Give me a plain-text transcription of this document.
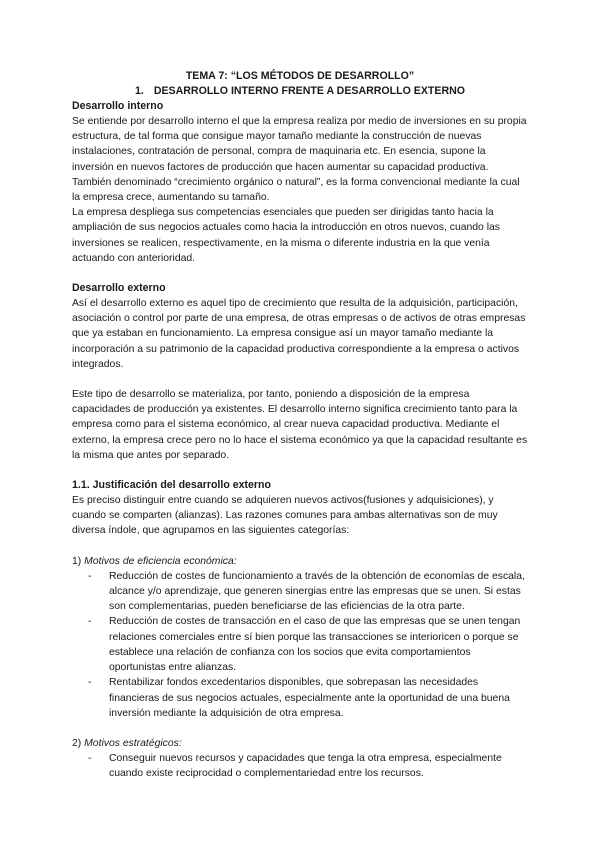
TEMA 7: “LOS MÉTODOS DE DESARROLLO”

1. DESARROLLO INTERNO FRENTE A DESARROLLO EXTERNO

Desarrollo interno

Se entiende por desarrollo interno el que la empresa realiza por medio de inversiones en su propia estructura, de tal forma que consigue mayor tamaño mediante la construcción de nuevas instalaciones, contratación de personal, compra de maquinaria etc. En esencia, supone la inversión en nuevos factores de producción que hacen aumentar su capacidad productiva. También denominado “crecimiento orgánico o natural”, es la forma convencional mediante la cual la empresa crece, aumentando su tamaño.

La empresa despliega sus competencias esenciales que pueden ser dirigidas tanto hacia la ampliación de sus negocios actuales como hacia la introducción en otros nuevos, cuando las inversiones se realicen, respectivamente, en la misma o diferente industria en la que venía actuando con anterioridad.

Desarrollo externo

Así el desarrollo externo es aquel tipo de crecimiento que resulta de la adquisición, participación, asociación o control por parte de una empresa, de otras empresas o de activos de otras empresas que ya estaban en funcionamiento. La empresa consigue así un mayor tamaño mediante la incorporación a su patrimonio de la capacidad productiva correspondiente a la empresa o activos integrados.

Este tipo de desarrollo se materializa, por tanto, poniendo a disposición de la empresa capacidades de producción ya existentes. El desarrollo interno significa crecimiento tanto para la empresa como para el sistema económico, al crear nueva capacidad productiva. Mediante el externo, la empresa crece pero no lo hace el sistema económico ya que la capacidad resultante es la misma que antes por separado.

1.1. Justificación del desarrollo externo

Es preciso distinguir entre cuando se adquieren nuevos activos(fusiones y adquisiciones), y cuando se comparten (alianzas). Las razones comunes para ambas alternativas son de muy diversa índole, que agrupamos en las siguientes categorías:

1) Motivos de eficiencia económica:

- Reducción de costes de funcionamiento a través de la obtención de economías de escala, alcance y/o aprendizaje, que generen sinergias entre las empresas que se unen. Si estas son complementarias, pueden beneficiarse de las eficiencias de la otra parte.
- Reducción de costes de transacción en el caso de que las empresas que se unen tengan relaciones comerciales entre sí bien porque las transacciones se interioricen o porque se establece una relación de confianza con los socios que evita comportamientos oportunistas entre alianzas.
- Rentabilizar fondos excedentarios disponibles, que sobrepasan las necesidades financieras de sus negocios actuales, especialmente ante la oportunidad de una buena inversión mediante la adquisición de otra empresa.

2) Motivos estratégicos:

- Conseguir nuevos recursos y capacidades que tenga la otra empresa, especialmente cuando existe reciprocidad o complementariedad entre los recursos.
